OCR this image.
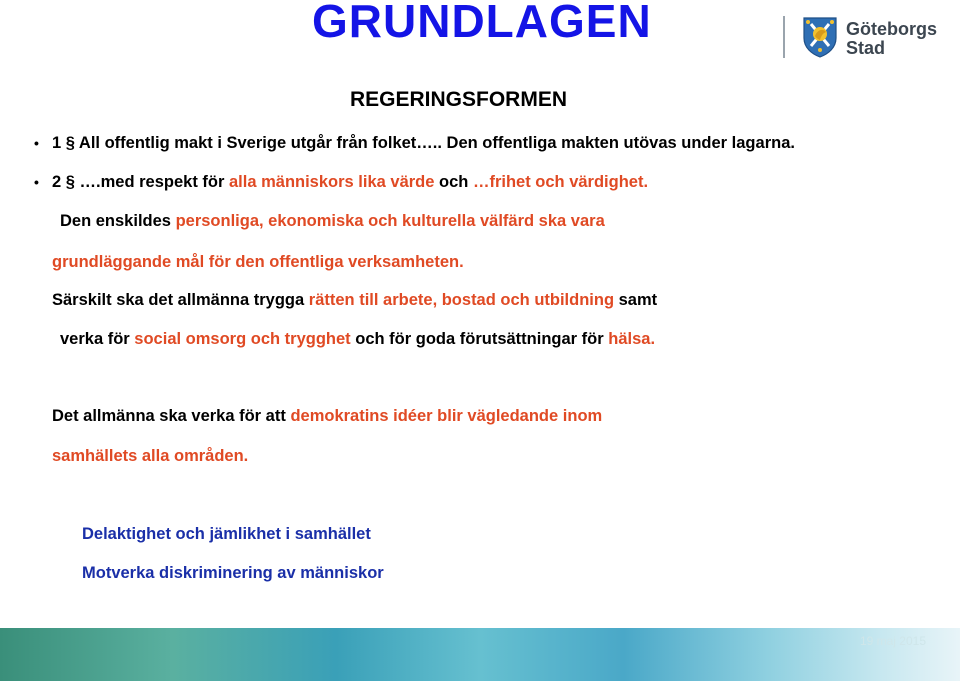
GRUNDLAGEN	Göteborgs
Stad
REGERINGSFORMEN
• 1 § All offentlig makt i Sverige utgår från folket….. Den offentliga makten utövas under lagarna.
• 2 § ….med respekt för alla människors lika värde och …frihet och värdighet.
Den enskildes personliga, ekonomiska och kulturella välfärd ska vara
grundläggande mål för den offentliga verksamheten.
Särskilt ska det allmänna trygga rätten till arbete, bostad och utbildning samt
verka för social omsorg och trygghet och för goda förutsättningar för hälsa.
Det allmänna ska verka för att demokratins idéer blir vägledande inom
samhällets alla områden.
Delaktighet och jämlikhet i samhället
Motverka diskriminering av människor
19 maj 2015
